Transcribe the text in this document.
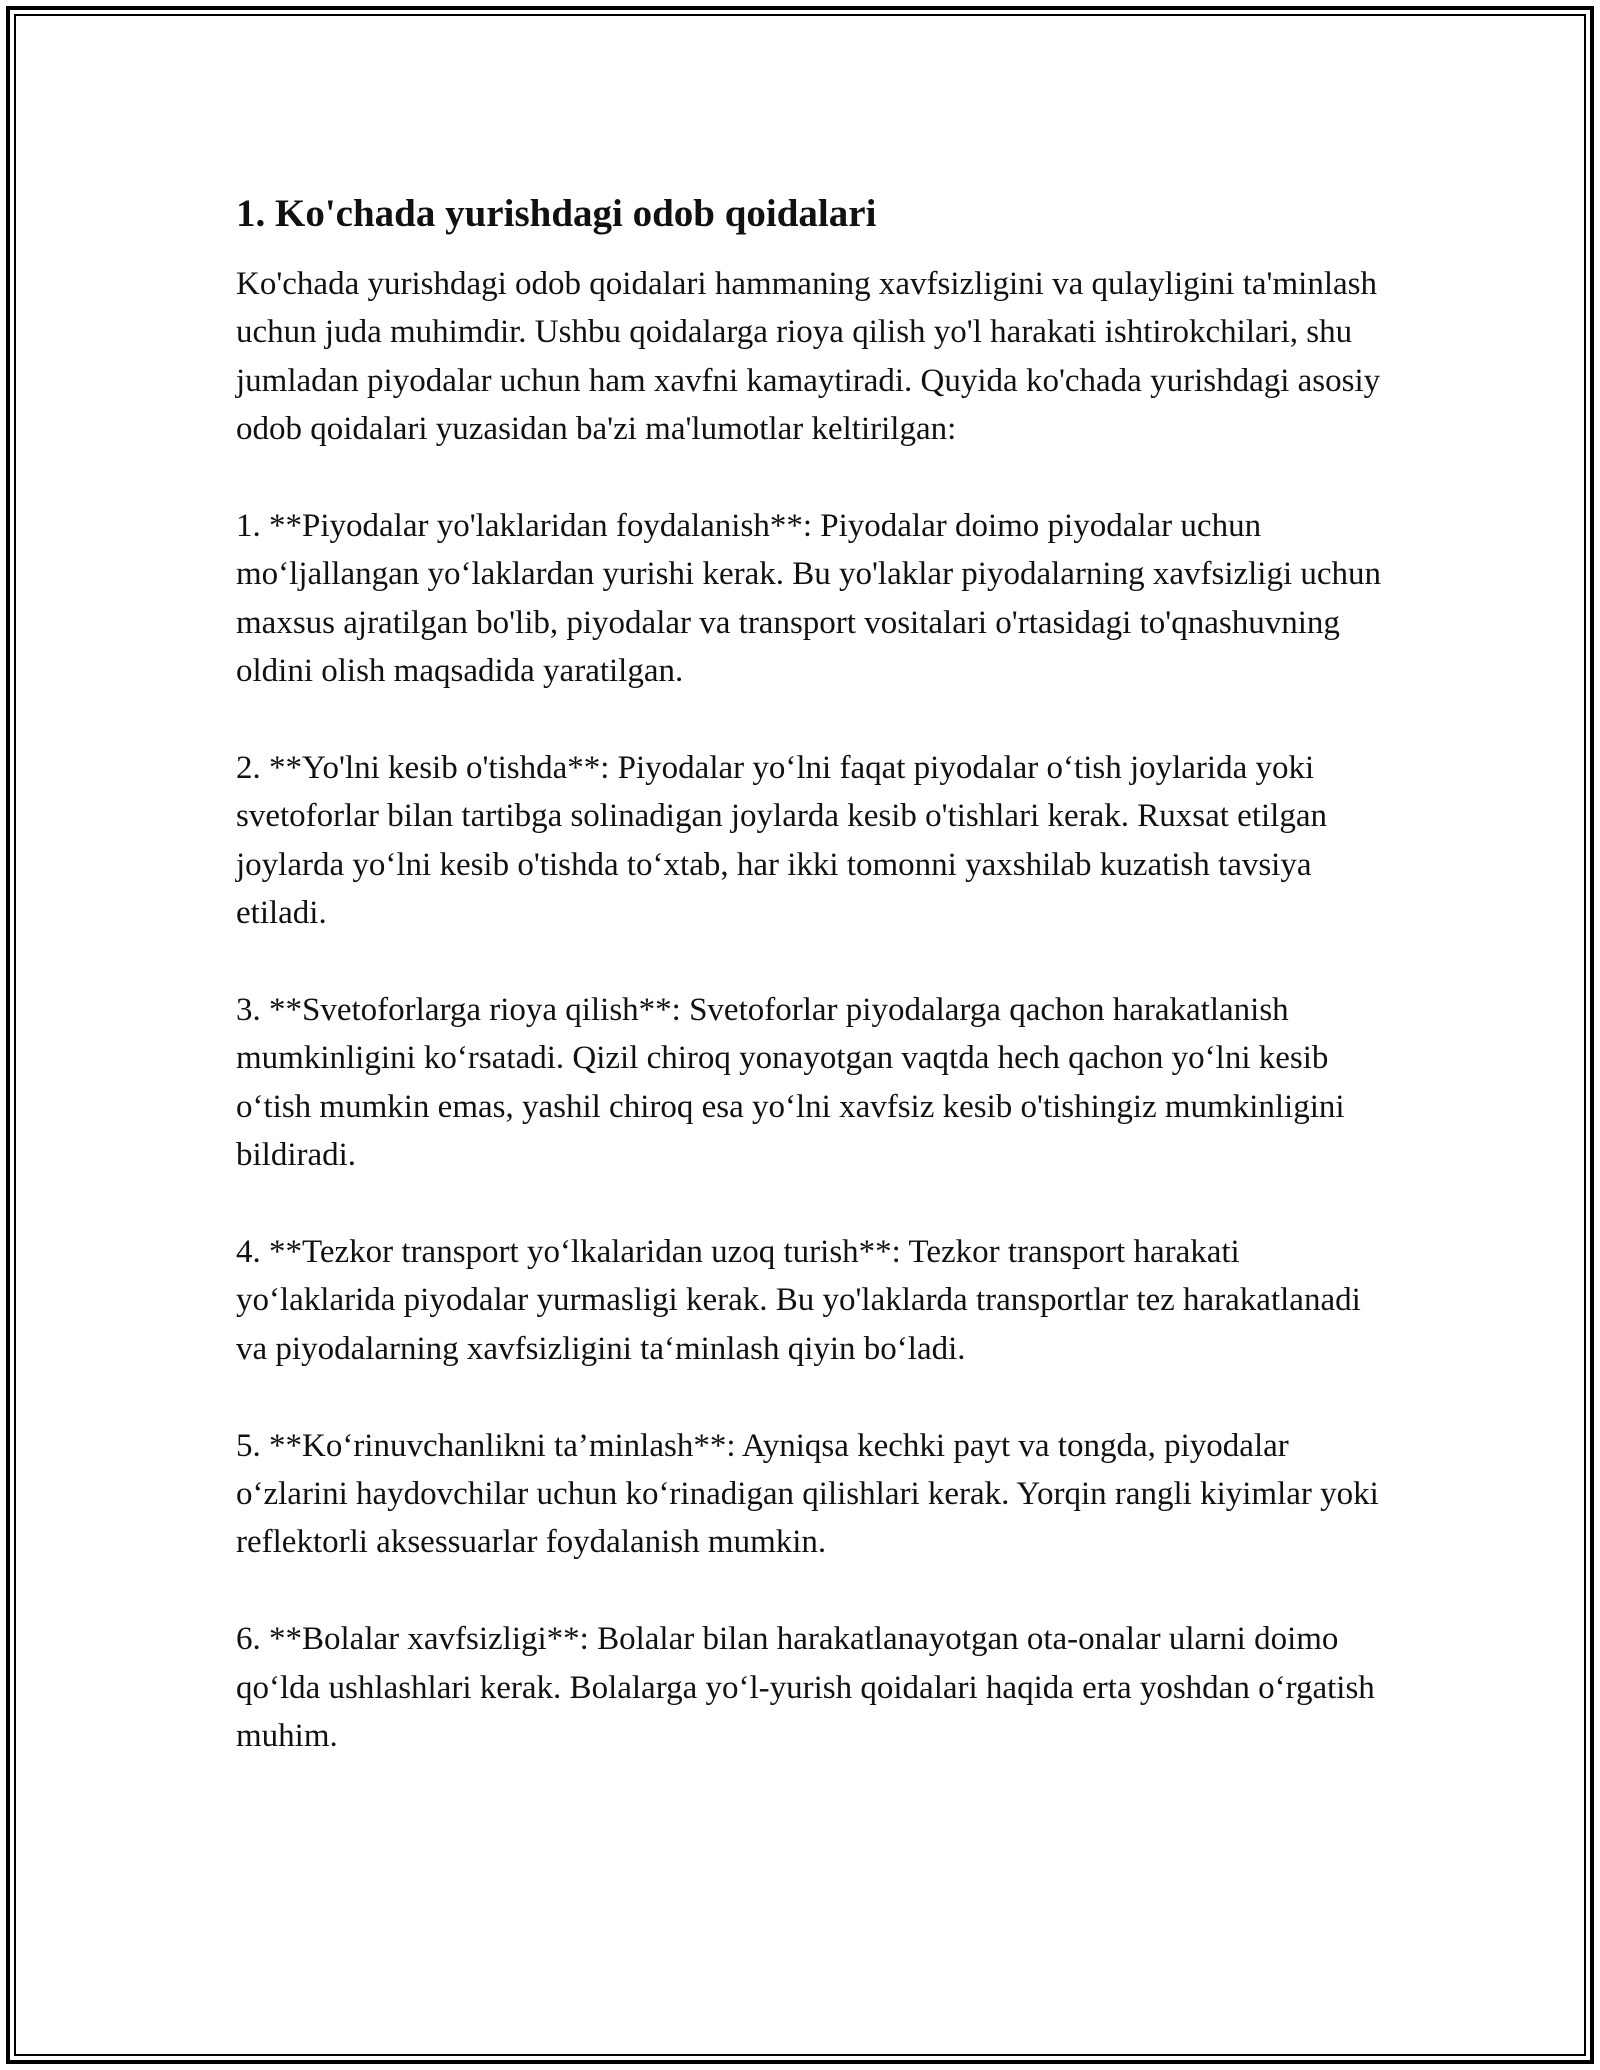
1. Ko'chada yurishdagi odob qoidalari

Ko'chada yurishdagi odob qoidalari hammaning xavfsizligini va qulayligini ta'minlash uchun juda muhimdir. Ushbu qoidalarga rioya qilish yo'l harakati ishtirokchilari, shu jumladan piyodalar uchun ham xavfni kamaytiradi. Quyida ko'chada yurishdagi asosiy odob qoidalari yuzasidan ba'zi ma'lumotlar keltirilgan:

1. **Piyodalar yo'laklaridan foydalanish**: Piyodalar doimo piyodalar uchun mo‘ljallangan yo‘laklardan yurishi kerak. Bu yo'laklar piyodalarning xavfsizligi uchun maxsus ajratilgan bo'lib, piyodalar va transport vositalari o'rtasidagi to'qnashuvning oldini olish maqsadida yaratilgan.

2. **Yo'lni kesib o'tishda**: Piyodalar yo‘lni faqat piyodalar o‘tish joylarida yoki svetoforlar bilan tartibga solinadigan joylarda kesib o'tishlari kerak. Ruxsat etilgan joylarda yo‘lni kesib o'tishda to‘xtab, har ikki tomonni yaxshilab kuzatish tavsiya etiladi.

3. **Svetoforlarga rioya qilish**: Svetoforlar piyodalarga qachon harakatlanish mumkinligini ko‘rsatadi. Qizil chiroq yonayotgan vaqtda hech qachon yo‘lni kesib o‘tish mumkin emas, yashil chiroq esa yo‘lni xavfsiz kesib o'tishingiz mumkinligini bildiradi.

4. **Tezkor transport yo‘lkalaridan uzoq turish**: Tezkor transport harakati yo‘laklarida piyodalar yurmasligi kerak. Bu yo'laklarda transportlar tez harakatlanadi va piyodalarning xavfsizligini ta‘minlash qiyin bo‘ladi.

5. **Ko‘rinuvchanlikni ta’minlash**: Ayniqsa kechki payt va tongda, piyodalar o‘zlarini haydovchilar uchun ko‘rinadigan qilishlari kerak. Yorqin rangli kiyimlar yoki reflektorli aksessuarlar foydalanish mumkin.

6. **Bolalar xavfsizligi**: Bolalar bilan harakatlanayotgan ota-onalar ularni doimo qo‘lda ushlashlari kerak. Bolalarga yo‘l-yurish qoidalari haqida erta yoshdan o‘rgatish muhim.
